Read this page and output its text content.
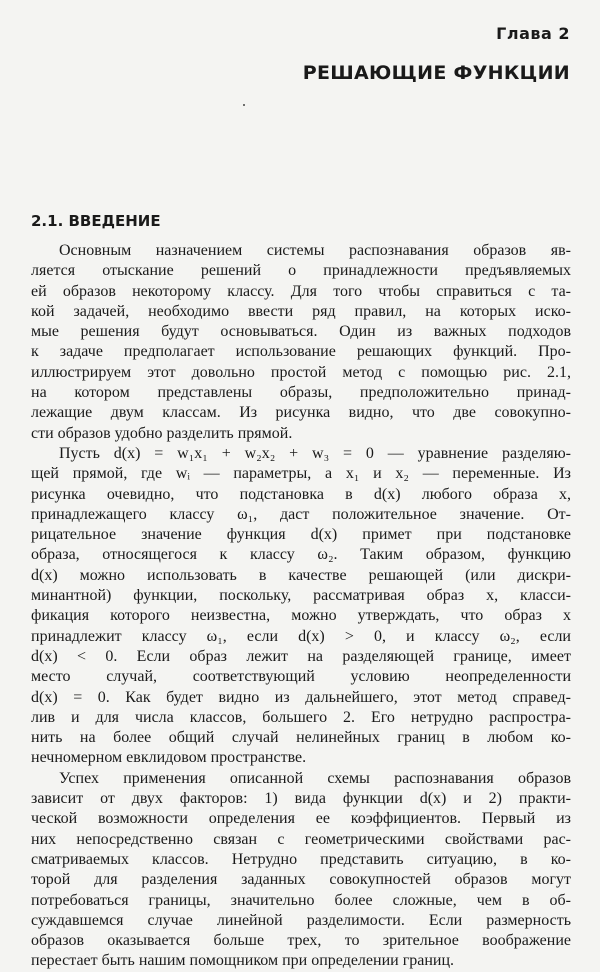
Глава 2
РЕШАЮЩИЕ ФУНКЦИИ
2.1. ВВЕДЕНИЕ

Основным назначением системы распознавания образов яв-
ляется отыскание решений о принадлежности предъявляемых
ей образов некоторому классу. Для того чтобы справиться с та-
кой задачей, необходимо ввести ряд правил, на которых иско-
мые решения будут основываться. Один из важных подходов
к задаче предполагает использование решающих функций. Про-
иллюстрируем этот довольно простой метод с помощью рис. 2.1,
на котором представлены образы, предположительно принад-
лежащие двум классам. Из рисунка видно, что две совокупно-
сти образов удобно разделить прямой.

Пусть d(x) = w₁x₁ + w₂x₂ + w₃ = 0 — уравнение разделяю-
щей прямой, где wᵢ — параметры, а x₁ и x₂ — переменные. Из
рисунка очевидно, что подстановка в d(x) любого образа x,
принадлежащего классу ω₁, даст положительное значение. От-
рицательное значение функция d(x) примет при подстановке
образа, относящегося к классу ω₂. Таким образом, функцию
d(x) можно использовать в качестве решающей (или дискри-
минантной) функции, поскольку, рассматривая образ x, класси-
фикация которого неизвестна, можно утверждать, что образ x
принадлежит классу ω₁, если d(x) > 0, и классу ω₂, если
d(x) < 0. Если образ лежит на разделяющей границе, имеет
место случай, соответствующий условию неопределенности
d(x) = 0. Как будет видно из дальнейшего, этот метод справед-
лив и для числа классов, большего 2. Его нетрудно распростра-
нить на более общий случай нелинейных границ в любом ко-
нечномерном евклидовом пространстве.

Успех применения описанной схемы распознавания образов
зависит от двух факторов: 1) вида функции d(x) и 2) практи-
ческой возможности определения ее коэффициентов. Первый из
них непосредственно связан с геометрическими свойствами рас-
сматриваемых классов. Нетрудно представить ситуацию, в ко-
торой для разделения заданных совокупностей образов могут
потребоваться границы, значительно более сложные, чем в об-
суждавшемся случае линейной разделимости. Если размерность
образов оказывается больше трех, то зрительное воображение
перестает быть нашим помощником при определении границ.
